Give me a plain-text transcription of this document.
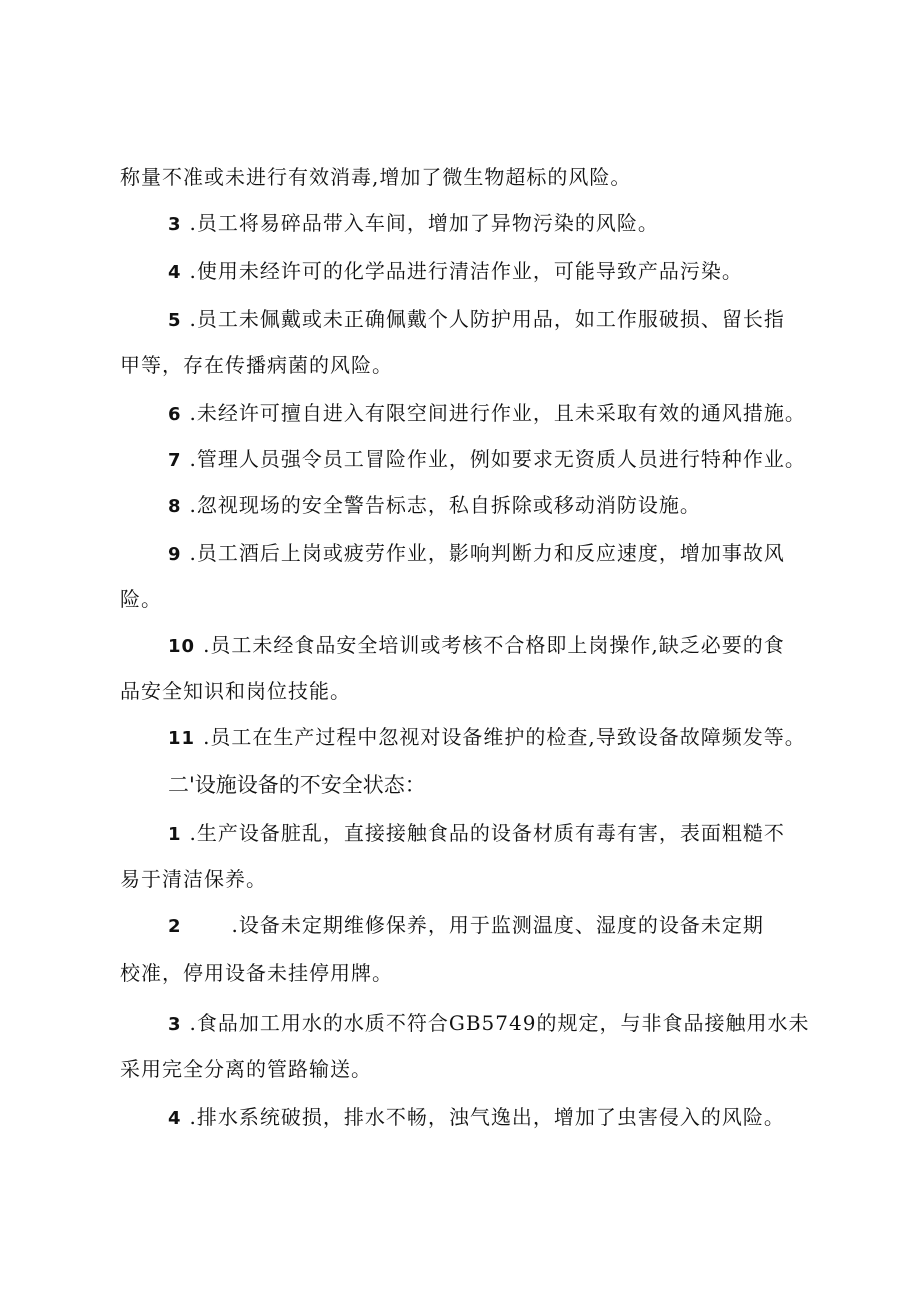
称量不准或未进行有效消毒,增加了微生物超标的风险。
3 .员工将易碎品带入车间，增加了异物污染的风险。
4 .使用未经许可的化学品进行清洁作业，可能导致产品污染。
5 .员工未佩戴或未正确佩戴个人防护用品，如工作服破损、留长指
甲等，存在传播病菌的风险。
6 .未经许可擅自进入有限空间进行作业，且未采取有效的通风措施。
7 .管理人员强令员工冒险作业，例如要求无资质人员进行特种作业。
8 .忽视现场的安全警告标志，私自拆除或移动消防设施。
9 .员工酒后上岗或疲劳作业，影响判断力和反应速度，增加事故风
险。
10 .员工未经食品安全培训或考核不合格即上岗操作,缺乏必要的食
品安全知识和岗位技能。
11 .员工在生产过程中忽视对设备维护的检查,导致设备故障频发等。
二'设施设备的不安全状态：
1 .生产设备脏乱，直接接触食品的设备材质有毒有害，表面粗糙不
易于清洁保养。
2	.设备未定期维修保养，用于监测温度、湿度的设备未定期
校准，停用设备未挂停用牌。
3 .食品加工用水的水质不符合GB5749的规定，与非食品接触用水未
采用完全分离的管路输送。
4 .排水系统破损，排水不畅，浊气逸出，增加了虫害侵入的风险。
